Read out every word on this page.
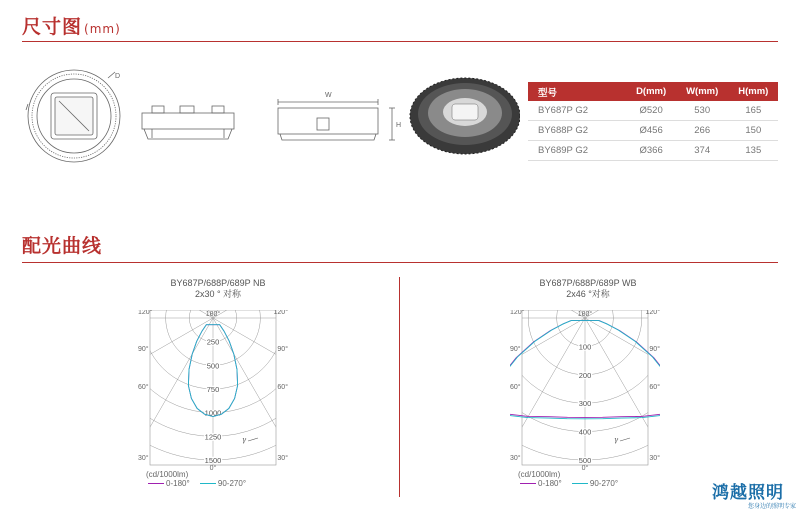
尺寸图 (mm)
D
W
H
型号	D(mm)	W(mm)	H(mm)
BY687P G2	Ø520	530	165
BY688P G2	Ø456	266	150
BY689P G2	Ø366	374	135
配光曲线
BY687P/688P/689P NB
2x30 ° 对称
250
500
750
1000
1250
1500
γ
120°	180°	120°
90°	90°
60°	60°
30°	30°
0°
(cd/1000lm)
0-180°	90-270°
BY687P/688P/689P WB
2x46 °对称
100
200
300
400
500
γ
120°	180°	120°
90°	90°
60°	60°
30°	30°
0°
(cd/1000lm)
0-180°	90-270°	鸿越照明
您身边的照明专家
